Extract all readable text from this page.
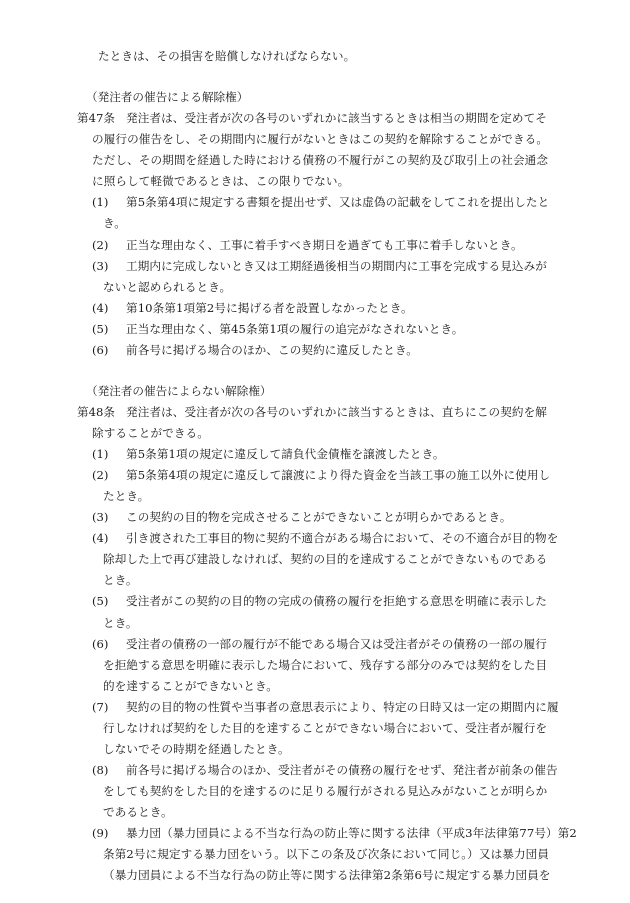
たときは、その損害を賠償しなければならない。
（発注者の催告による解除権）
第47条 発注者は、受注者が次の各号のいずれかに該当するときは相当の期間を定めてそ
の履行の催告をし、その期間内に履行がないときはこの契約を解除することができる。
ただし、その期間を経過した時における債務の不履行がこの契約及び取引上の社会通念
に照らして軽微であるときは、この限りでない。
(1) 第5条第4項に規定する書類を提出せず、又は虚偽の記載をしてこれを提出したと
き。
(2) 正当な理由なく、工事に着手すべき期日を過ぎても工事に着手しないとき。
(3) 工期内に完成しないとき又は工期経過後相当の期間内に工事を完成する見込みが
ないと認められるとき。
(4) 第10条第1項第2号に掲げる者を設置しなかったとき。
(5) 正当な理由なく、第45条第1項の履行の追完がなされないとき。
(6) 前各号に掲げる場合のほか、この契約に違反したとき。
（発注者の催告によらない解除権）
第48条 発注者は、受注者が次の各号のいずれかに該当するときは、直ちにこの契約を解
除することができる。
(1) 第5条第1項の規定に違反して請負代金債権を譲渡したとき。
(2) 第5条第4項の規定に違反して譲渡により得た資金を当該工事の施工以外に使用し
たとき。
(3) この契約の目的物を完成させることができないことが明らかであるとき。
(4) 引き渡された工事目的物に契約不適合がある場合において、その不適合が目的物を
除却した上で再び建設しなければ、契約の目的を達成することができないものである
とき。
(5) 受注者がこの契約の目的物の完成の債務の履行を拒絶する意思を明確に表示した
とき。
(6) 受注者の債務の一部の履行が不能である場合又は受注者がその債務の一部の履行
を拒絶する意思を明確に表示した場合において、残存する部分のみでは契約をした目
的を達することができないとき。
(7) 契約の目的物の性質や当事者の意思表示により、特定の日時又は一定の期間内に履
行しなければ契約をした目的を達することができない場合において、受注者が履行を
しないでその時期を経過したとき。
(8) 前各号に掲げる場合のほか、受注者がその債務の履行をせず、発注者が前条の催告
をしても契約をした目的を達するのに足りる履行がされる見込みがないことが明らか
であるとき。
(9) 暴力団（暴力団員による不当な行為の防止等に関する法律（平成3年法律第77号）第2
条第2号に規定する暴力団をいう。以下この条及び次条において同じ。）又は暴力団員
（暴力団員による不当な行為の防止等に関する法律第2条第6号に規定する暴力団員を
